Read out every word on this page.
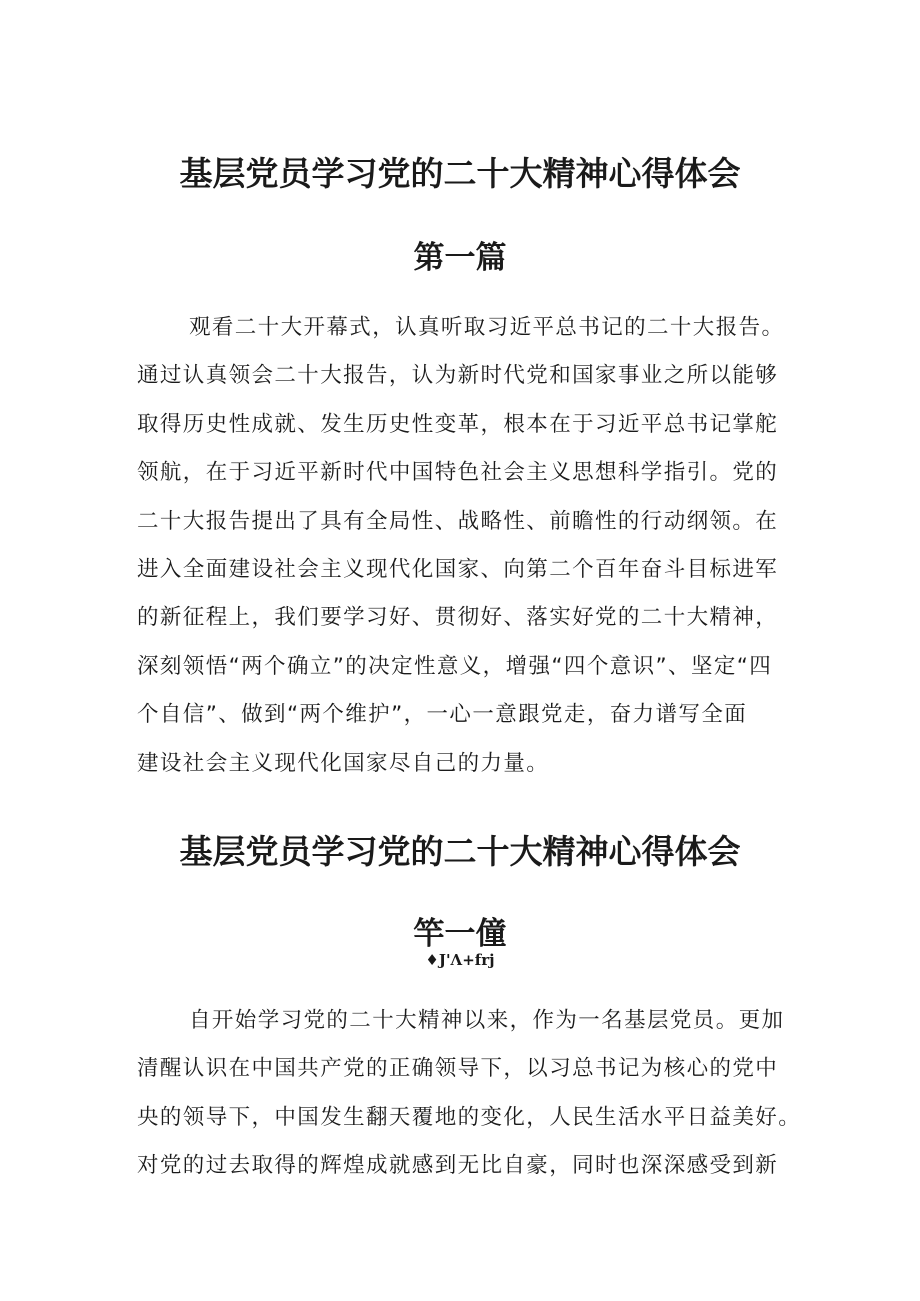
基层党员学习党的二十大精神心得体会
第一篇
观看二十大开幕式，认真听取习近平总书记的二十大报告。
通过认真领会二十大报告，认为新时代党和国家事业之所以能够
取得历史性成就、发生历史性变革，根本在于习近平总书记掌舵
领航，在于习近平新时代中国特色社会主义思想科学指引。党的
二十大报告提出了具有全局性、战略性、前瞻性的行动纲领。在
进入全面建设社会主义现代化国家、向第二个百年奋斗目标进军
的新征程上，我们要学习好、贯彻好、落实好党的二十大精神，
深刻领悟“两个确立”的决定性意义，增强“四个意识”、坚定“四
个自信”、做到“两个维护”，一心一意跟党走，奋力谱写全面
建设社会主义现代化国家尽自己的力量。
基层党员学习党的二十大精神心得体会
竿一僮
♦J'Λ+frj
自开始学习党的二十大精神以来，作为一名基层党员。更加
清醒认识在中国共产党的正确领导下，以习总书记为核心的党中
央的领导下，中国发生翻天覆地的变化，人民生活水平日益美好。
对党的过去取得的辉煌成就感到无比自豪，同时也深深感受到新
